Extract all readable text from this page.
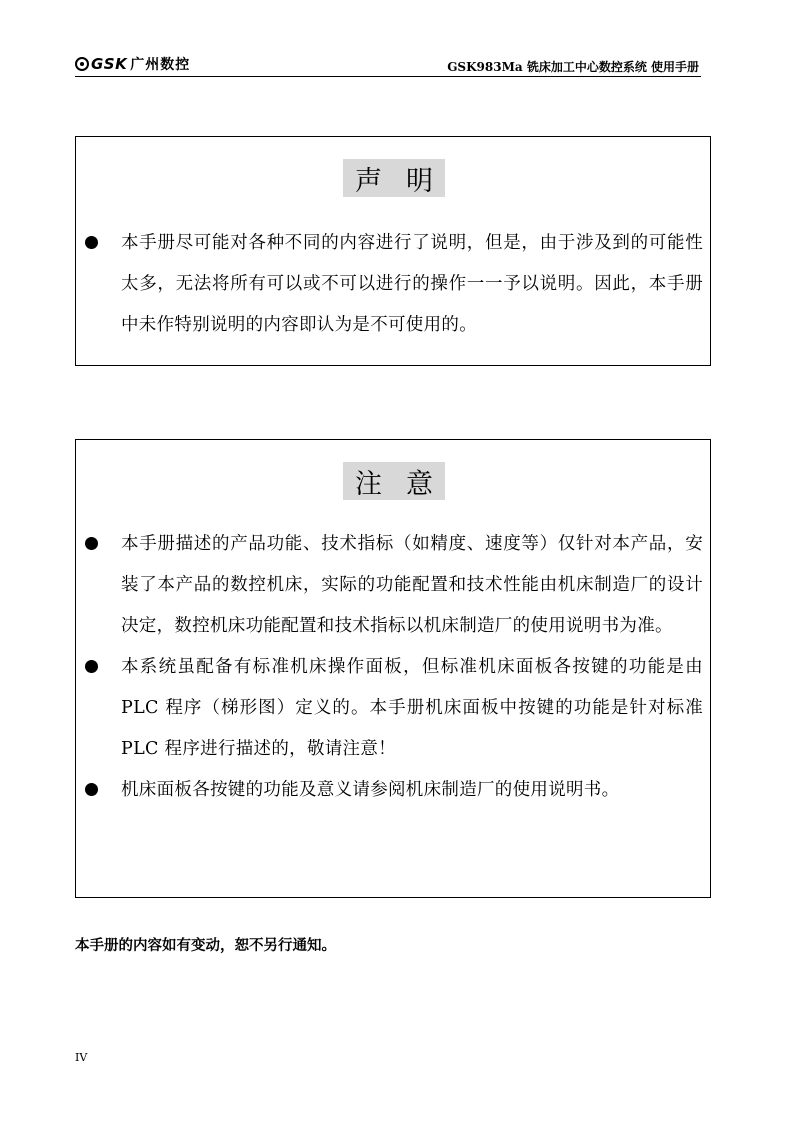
GSK 广州数控	GSK983Ma 铣床加工中心数控系统 使用手册
声 明
本手册尽可能对各种不同的内容进行了说明，但是，由于涉及到的可能性太多，无法将所有可以或不可以进行的操作一一予以说明。因此，本手册中未作特别说明的内容即认为是不可使用的。
注 意
本手册描述的产品功能、技术指标（如精度、速度等）仅针对本产品，安装了本产品的数控机床，实际的功能配置和技术性能由机床制造厂的设计决定，数控机床功能配置和技术指标以机床制造厂的使用说明书为准。
本系统虽配备有标准机床操作面板，但标准机床面板各按键的功能是由PLC 程序（梯形图）定义的。本手册机床面板中按键的功能是针对标准PLC 程序进行描述的，敬请注意！
机床面板各按键的功能及意义请参阅机床制造厂的使用说明书。
本手册的内容如有变动，恕不另行通知。
IV
